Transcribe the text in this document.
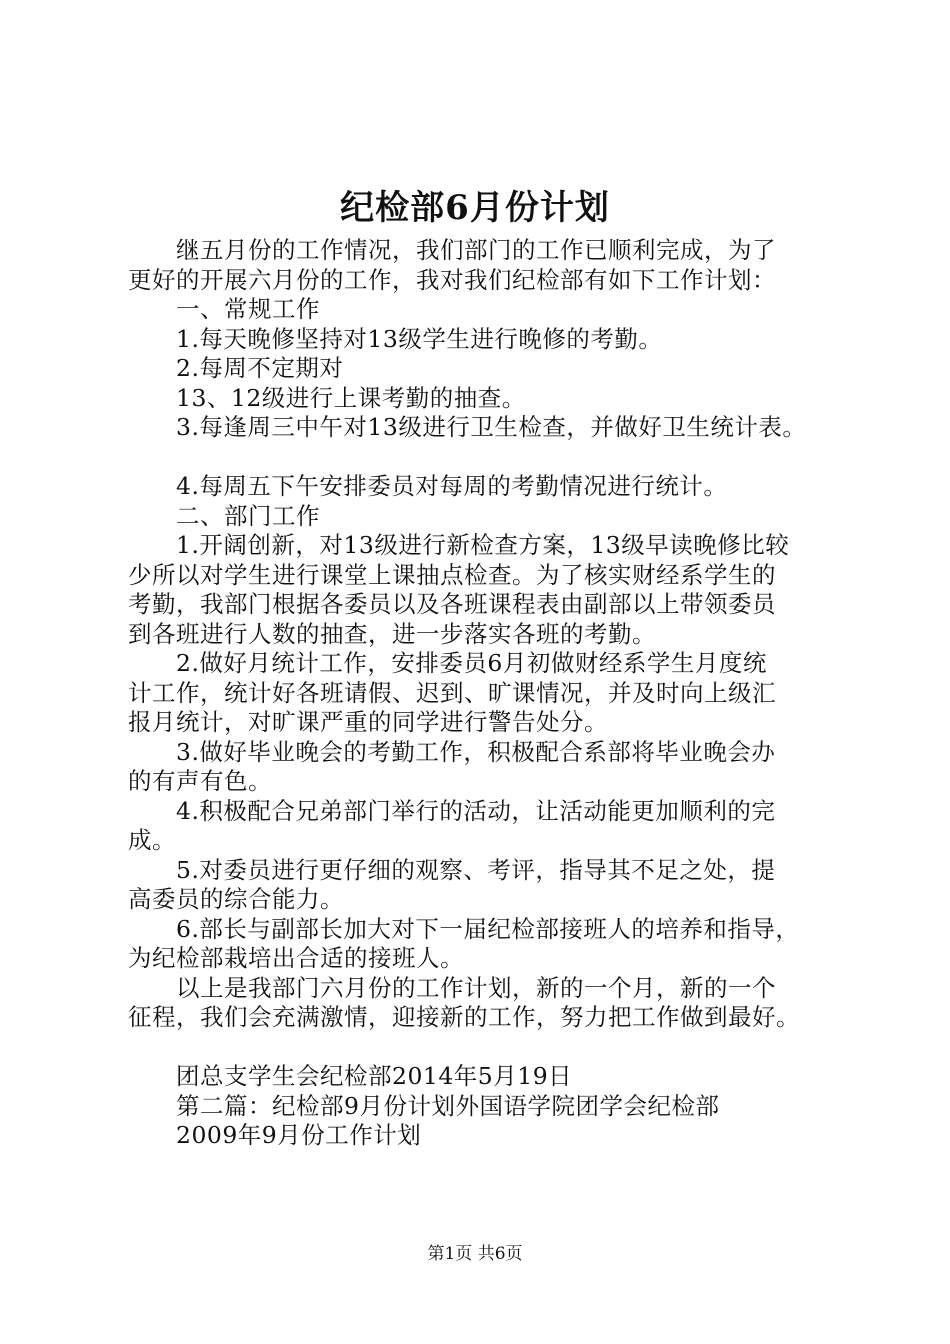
纪检部6月份计划

继五月份的工作情况，我们部门的工作已顺利完成，为了

更好的开展六月份的工作，我对我们纪检部有如下工作计划：

一、常规工作

1.每天晚修坚持对13级学生进行晚修的考勤。

2.每周不定期对

13、12级进行上课考勤的抽查。

3.每逢周三中午对13级进行卫生检查，并做好卫生统计表。

4.每周五下午安排委员对每周的考勤情况进行统计。

二、部门工作

1.开阔创新，对13级进行新检查方案，13级早读晚修比较

少所以对学生进行课堂上课抽点检查。为了核实财经系学生的

考勤，我部门根据各委员以及各班课程表由副部以上带领委员

到各班进行人数的抽查，进一步落实各班的考勤。

2.做好月统计工作，安排委员6月初做财经系学生月度统

计工作，统计好各班请假、迟到、旷课情况，并及时向上级汇

报月统计，对旷课严重的同学进行警告处分。

3.做好毕业晚会的考勤工作，积极配合系部将毕业晚会办

的有声有色。

4.积极配合兄弟部门举行的活动，让活动能更加顺利的完

成。

5.对委员进行更仔细的观察、考评，指导其不足之处，提

高委员的综合能力。

6.部长与副部长加大对下一届纪检部接班人的培养和指导，

为纪检部栽培出合适的接班人。

以上是我部门六月份的工作计划，新的一个月，新的一个

征程，我们会充满激情，迎接新的工作，努力把工作做到最好。

团总支学生会纪检部2014年5月19日

第二篇：纪检部9月份计划外国语学院团学会纪检部

2009年9月份工作计划

第1页 共6页
